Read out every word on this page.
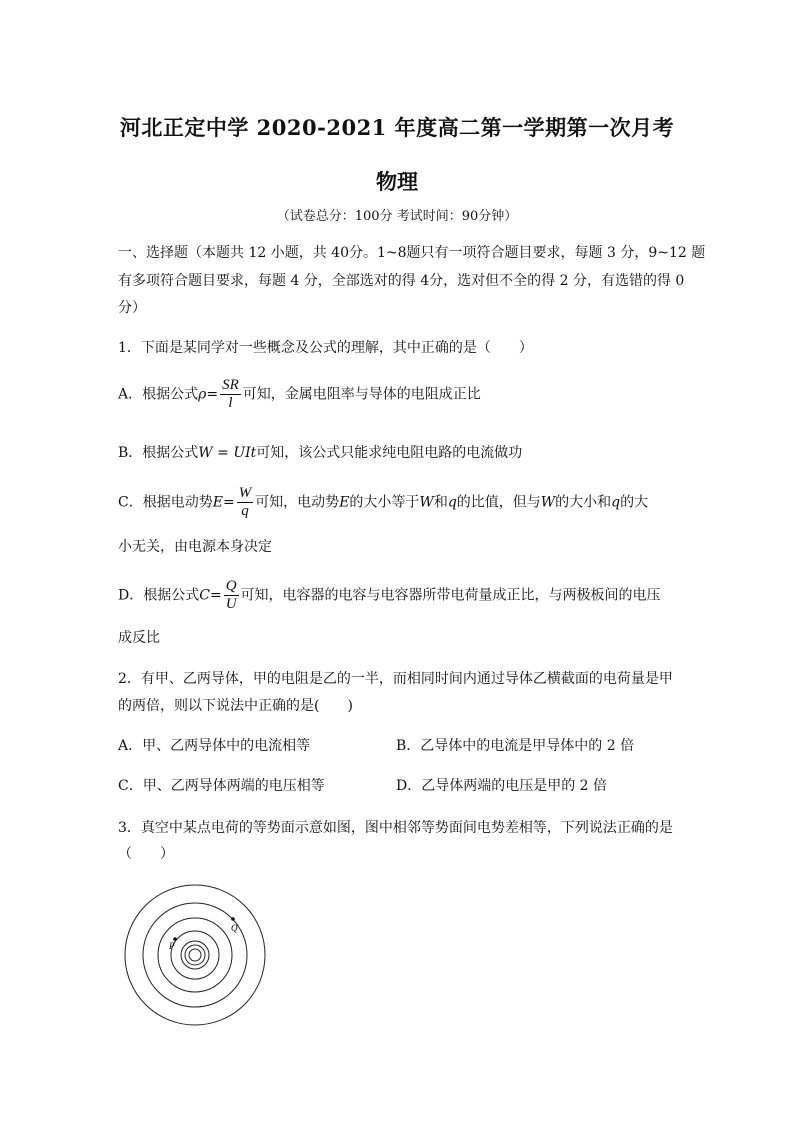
河北正定中学 2020-2021 年度高二第一学期第一次月考
物理
（试卷总分：100分 考试时间：90分钟）
一、选择题（本题共 12 小题，共 40分。1~8题只有一项符合题目要求，每题 3 分，9~12 题
有多项符合题目要求，每题 4 分，全部选对的得 4分，选对但不全的得 2 分，有选错的得 0
分）
1．下面是某同学对一些概念及公式的理解，其中正确的是（　　）
A．根据公式$\rho= \frac{SR}{l}$ 可知，金属电阻率与导体的电阻成正比
B．根据公式W = UIt可知，该公式只能求纯电阻电路的电流做功
C．根据电动势$E= \frac{W}{q}$ 可知，电动势E的大小等于W和q的比值，但与W的大小和q的大
小无关，由电源本身决定
D．根据公式$C= \frac{Q}{U}$ 可知，电容器的电容与电容器所带电荷量成正比，与两极板间的电压
成反比
2．有甲、乙两导体，甲的电阻是乙的一半，而相同时间内通过导体乙横截面的电荷量是甲
的两倍，则以下说法中正确的是(　　)
A．甲、乙两导体中的电流相等	B．乙导体中的电流是甲导体中的 2 倍
C．甲、乙两导体两端的电压相等	D．乙导体两端的电压是甲的 2 倍
3．真空中某点电荷的等势面示意如图，图中相邻等势面间电势差相等，下列说法正确的是
（　　）
P
Q
